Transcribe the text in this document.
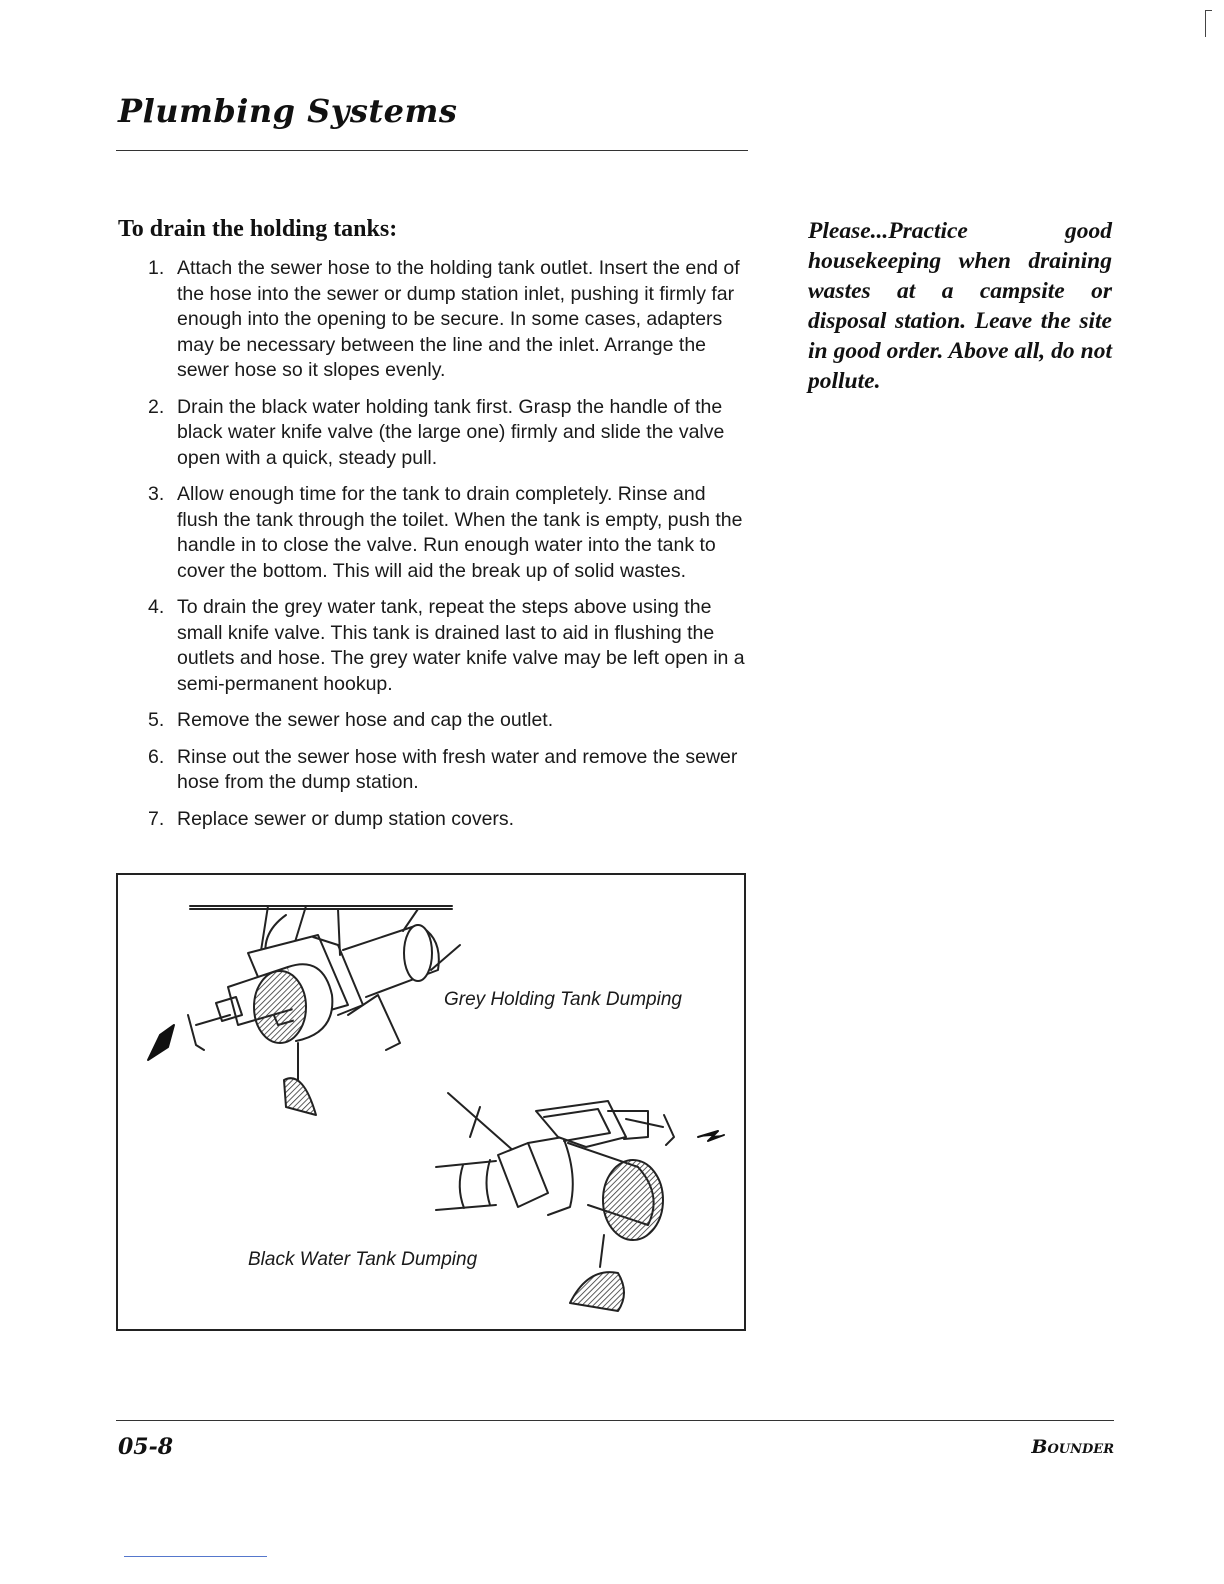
Plumbing Systems
To drain the holding tanks:
1. Attach the sewer hose to the holding tank outlet. Insert the end of the hose into the sewer or dump station inlet, pushing it firmly far enough into the opening to be secure. In some cases, adapters may be necessary between the line and the inlet. Arrange the sewer hose so it slopes evenly.
2. Drain the black water holding tank first. Grasp the handle of the black water knife valve (the large one) firmly and slide the valve open with a quick, steady pull.
3. Allow enough time for the tank to drain completely. Rinse and flush the tank through the toilet. When the tank is empty, push the handle in to close the valve. Run enough water into the tank to cover the bottom. This will aid the break up of solid wastes.
4. To drain the grey water tank, repeat the steps above using the small knife valve. This tank is drained last to aid in flushing the outlets and hose. The grey water knife valve may be left open in a semi-permanent hookup.
5. Remove the sewer hose and cap the outlet.
6. Rinse out the sewer hose with fresh water and remove the sewer hose from the dump station.
7. Replace sewer or dump station covers.
Please...Practice good housekeeping when draining wastes at a campsite or disposal station. Leave the site in good order. Above all, do not pollute.
Grey Holding Tank Dumping
Black Water Tank Dumping
05-8	Bounder
